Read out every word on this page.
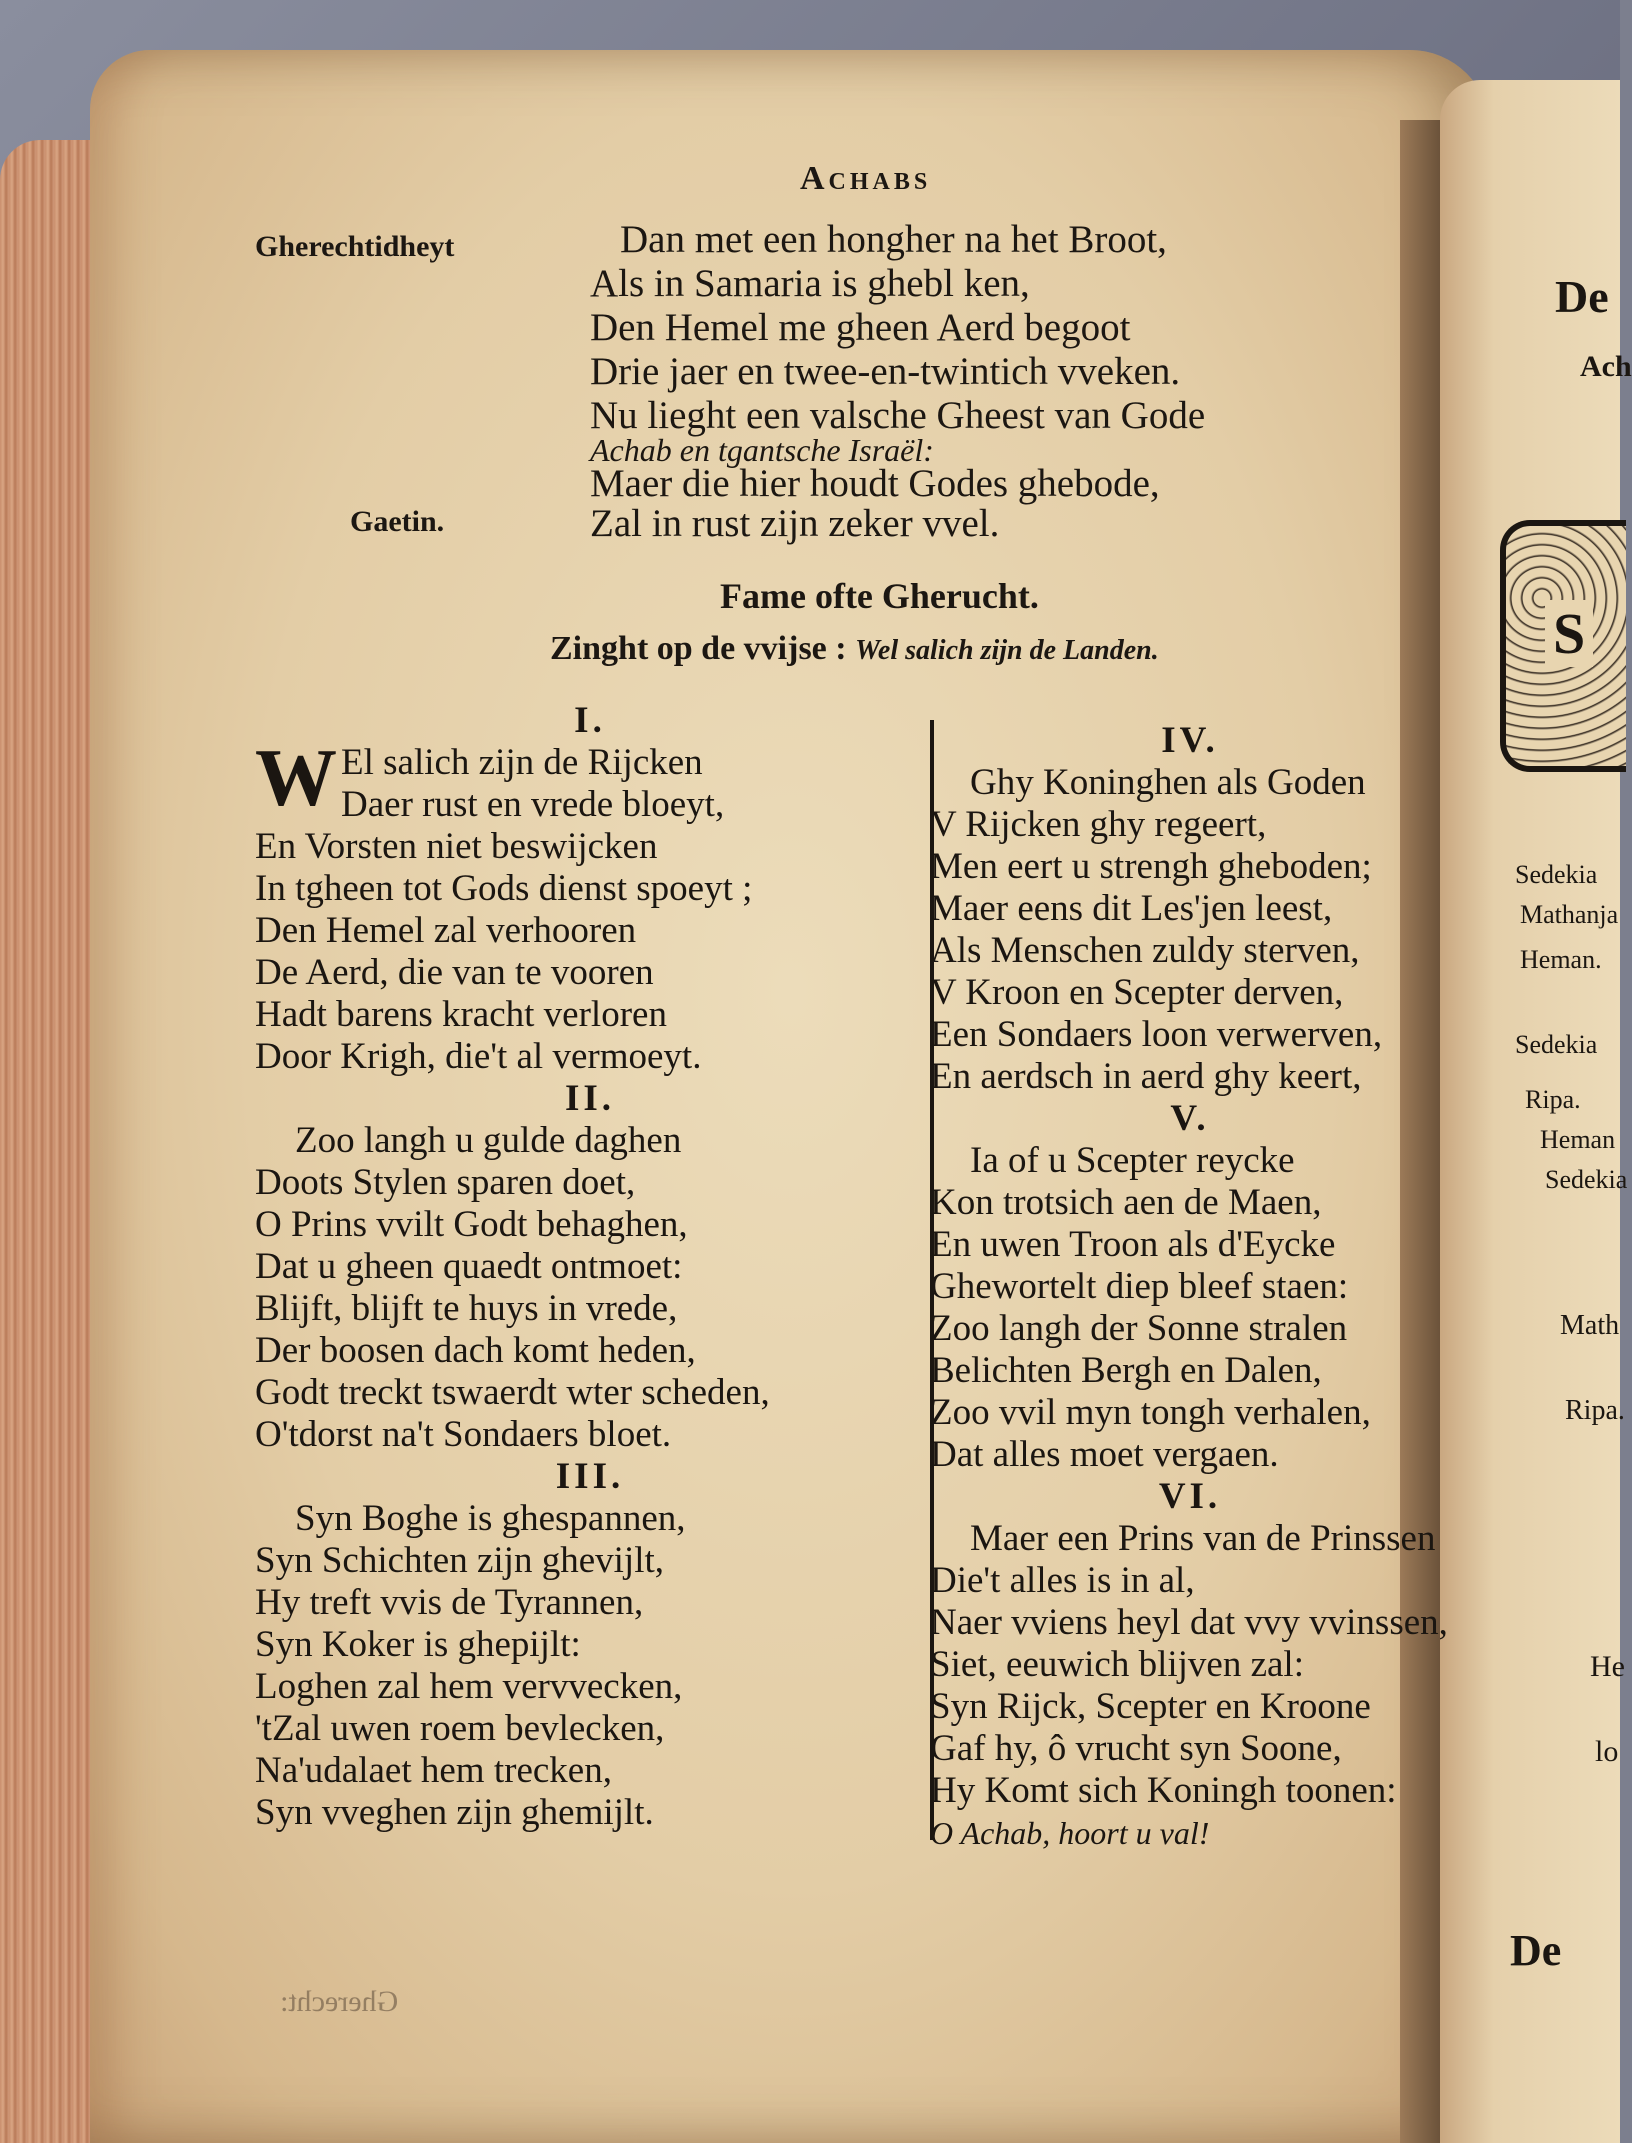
Achabs
Gherechtidheyt
Gaetin.
Dan met een hongher na het Broot,
Als in Samaria is ghebl ken,
Den Hemel me gheen Aerd begoot
Drie jaer en twee-en-twintich vveken.
Nu lieght een valsche Gheest van Gode
Achab en tgantsche Israël:
Maer die hier houdt Godes ghebode,
Zal in rust zijn zeker vvel.
Fame ofte Gherucht.
Zinght op de vvijse : Wel salich zijn de Landen.
I.
W El salich zijn de Rijcken
Daer rust en vrede bloeyt,
En Vorsten niet beswijcken
In tgheen tot Gods dienst spoeyt ;
Den Hemel zal verhooren
De Aerd, die van te vooren
Hadt barens kracht verloren
Door Krigh, die't al vermoeyt.
II.
Zoo langh u gulde daghen
Doots Stylen sparen doet,
O Prins vvilt Godt behaghen,
Dat u gheen quaedt ontmoet:
Blijft, blijft te huys in vrede,
Der boosen dach komt heden,
Godt treckt tswaerdt wter scheden,
O'tdorst na't Sondaers bloet.
III.
Syn Boghe is ghespannen,
Syn Schichten zijn ghevijlt,
Hy treft vvis de Tyrannen,
Syn Koker is ghepijlt:
Loghen zal hem vervvecken,
'tZal uwen roem bevlecken,
Na'udalaet hem trecken,
Syn vveghen zijn ghemijlt.
IV.
Ghy Koninghen als Goden
V Rijcken ghy regeert,
Men eert u strengh gheboden;
Maer eens dit Les'jen leest,
Als Menschen zuldy sterven,
V Kroon en Scepter derven,
Een Sondaers loon verwerven,
En aerdsch in aerd ghy keert,
V.
Ia of u Scepter reycke
Kon trotsich aen de Maen,
En uwen Troon als d'Eycke
Ghewortelt diep bleef staen:
Zoo langh der Sonne stralen
Belichten Bergh en Dalen,
Zoo vvil myn tongh verhalen,
Dat alles moet vergaen.
VI.
Maer een Prins van de Prinssen
Die't alles is in al,
Naer vviens heyl dat vvy vvinssen,
Siet, eeuwich blijven zal:
Syn Rijck, Scepter en Kroone
Gaf hy, ô vrucht syn Soone,
Hy Komt sich Koningh toonen:
O Achab, hoort u val!
Gherecht:
S
De
Ach
Sedekia
Mathanja
Heman.
Sedekia
Ripa.
Heman
Sedekia
Math
Ripa.
He
lo
De
